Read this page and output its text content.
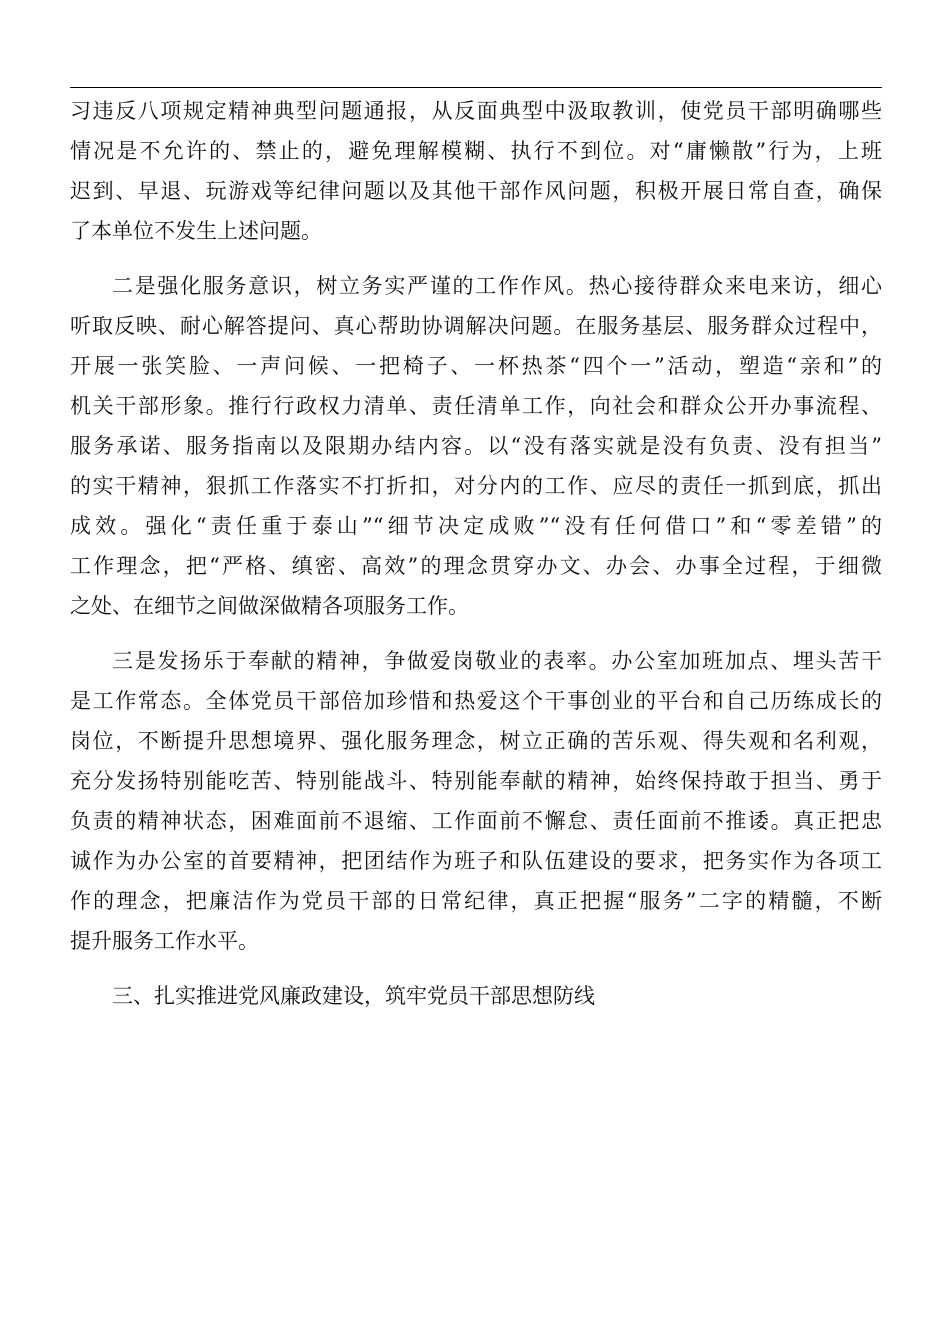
习违反八项规定精神典型问题通报，从反面典型中汲取教训，使党员干部明确哪些
情况是不允许的、禁止的，避免理解模糊、执行不到位。对“庸懒散”行为，上班
迟到、早退、玩游戏等纪律问题以及其他干部作风问题，积极开展日常自查，确保
了本单位不发生上述问题。
二是强化服务意识，树立务实严谨的工作作风。热心接待群众来电来访，细心
听取反映、耐心解答提问、真心帮助协调解决问题。在服务基层、服务群众过程中，
开展一张笑脸、一声问候、一把椅子、一杯热茶“四个一”活动，塑造“亲和”的
机关干部形象。推行行政权力清单、责任清单工作，向社会和群众公开办事流程、
服务承诺、服务指南以及限期办结内容。以“没有落实就是没有负责、没有担当”
的实干精神，狠抓工作落实不打折扣，对分内的工作、应尽的责任一抓到底，抓出
成效。强化“责任重于泰山”“细节决定成败”“没有任何借口”和“零差错”的
工作理念，把“严格、缜密、高效”的理念贯穿办文、办会、办事全过程，于细微
之处、在细节之间做深做精各项服务工作。
三是发扬乐于奉献的精神，争做爱岗敬业的表率。办公室加班加点、埋头苦干
是工作常态。全体党员干部倍加珍惜和热爱这个干事创业的平台和自己历练成长的
岗位，不断提升思想境界、强化服务理念，树立正确的苦乐观、得失观和名利观，
充分发扬特别能吃苦、特别能战斗、特别能奉献的精神，始终保持敢于担当、勇于
负责的精神状态，困难面前不退缩、工作面前不懈怠、责任面前不推诿。真正把忠
诚作为办公室的首要精神，把团结作为班子和队伍建设的要求，把务实作为各项工
作的理念，把廉洁作为党员干部的日常纪律，真正把握“服务”二字的精髓，不断
提升服务工作水平。
三、扎实推进党风廉政建设，筑牢党员干部思想防线
